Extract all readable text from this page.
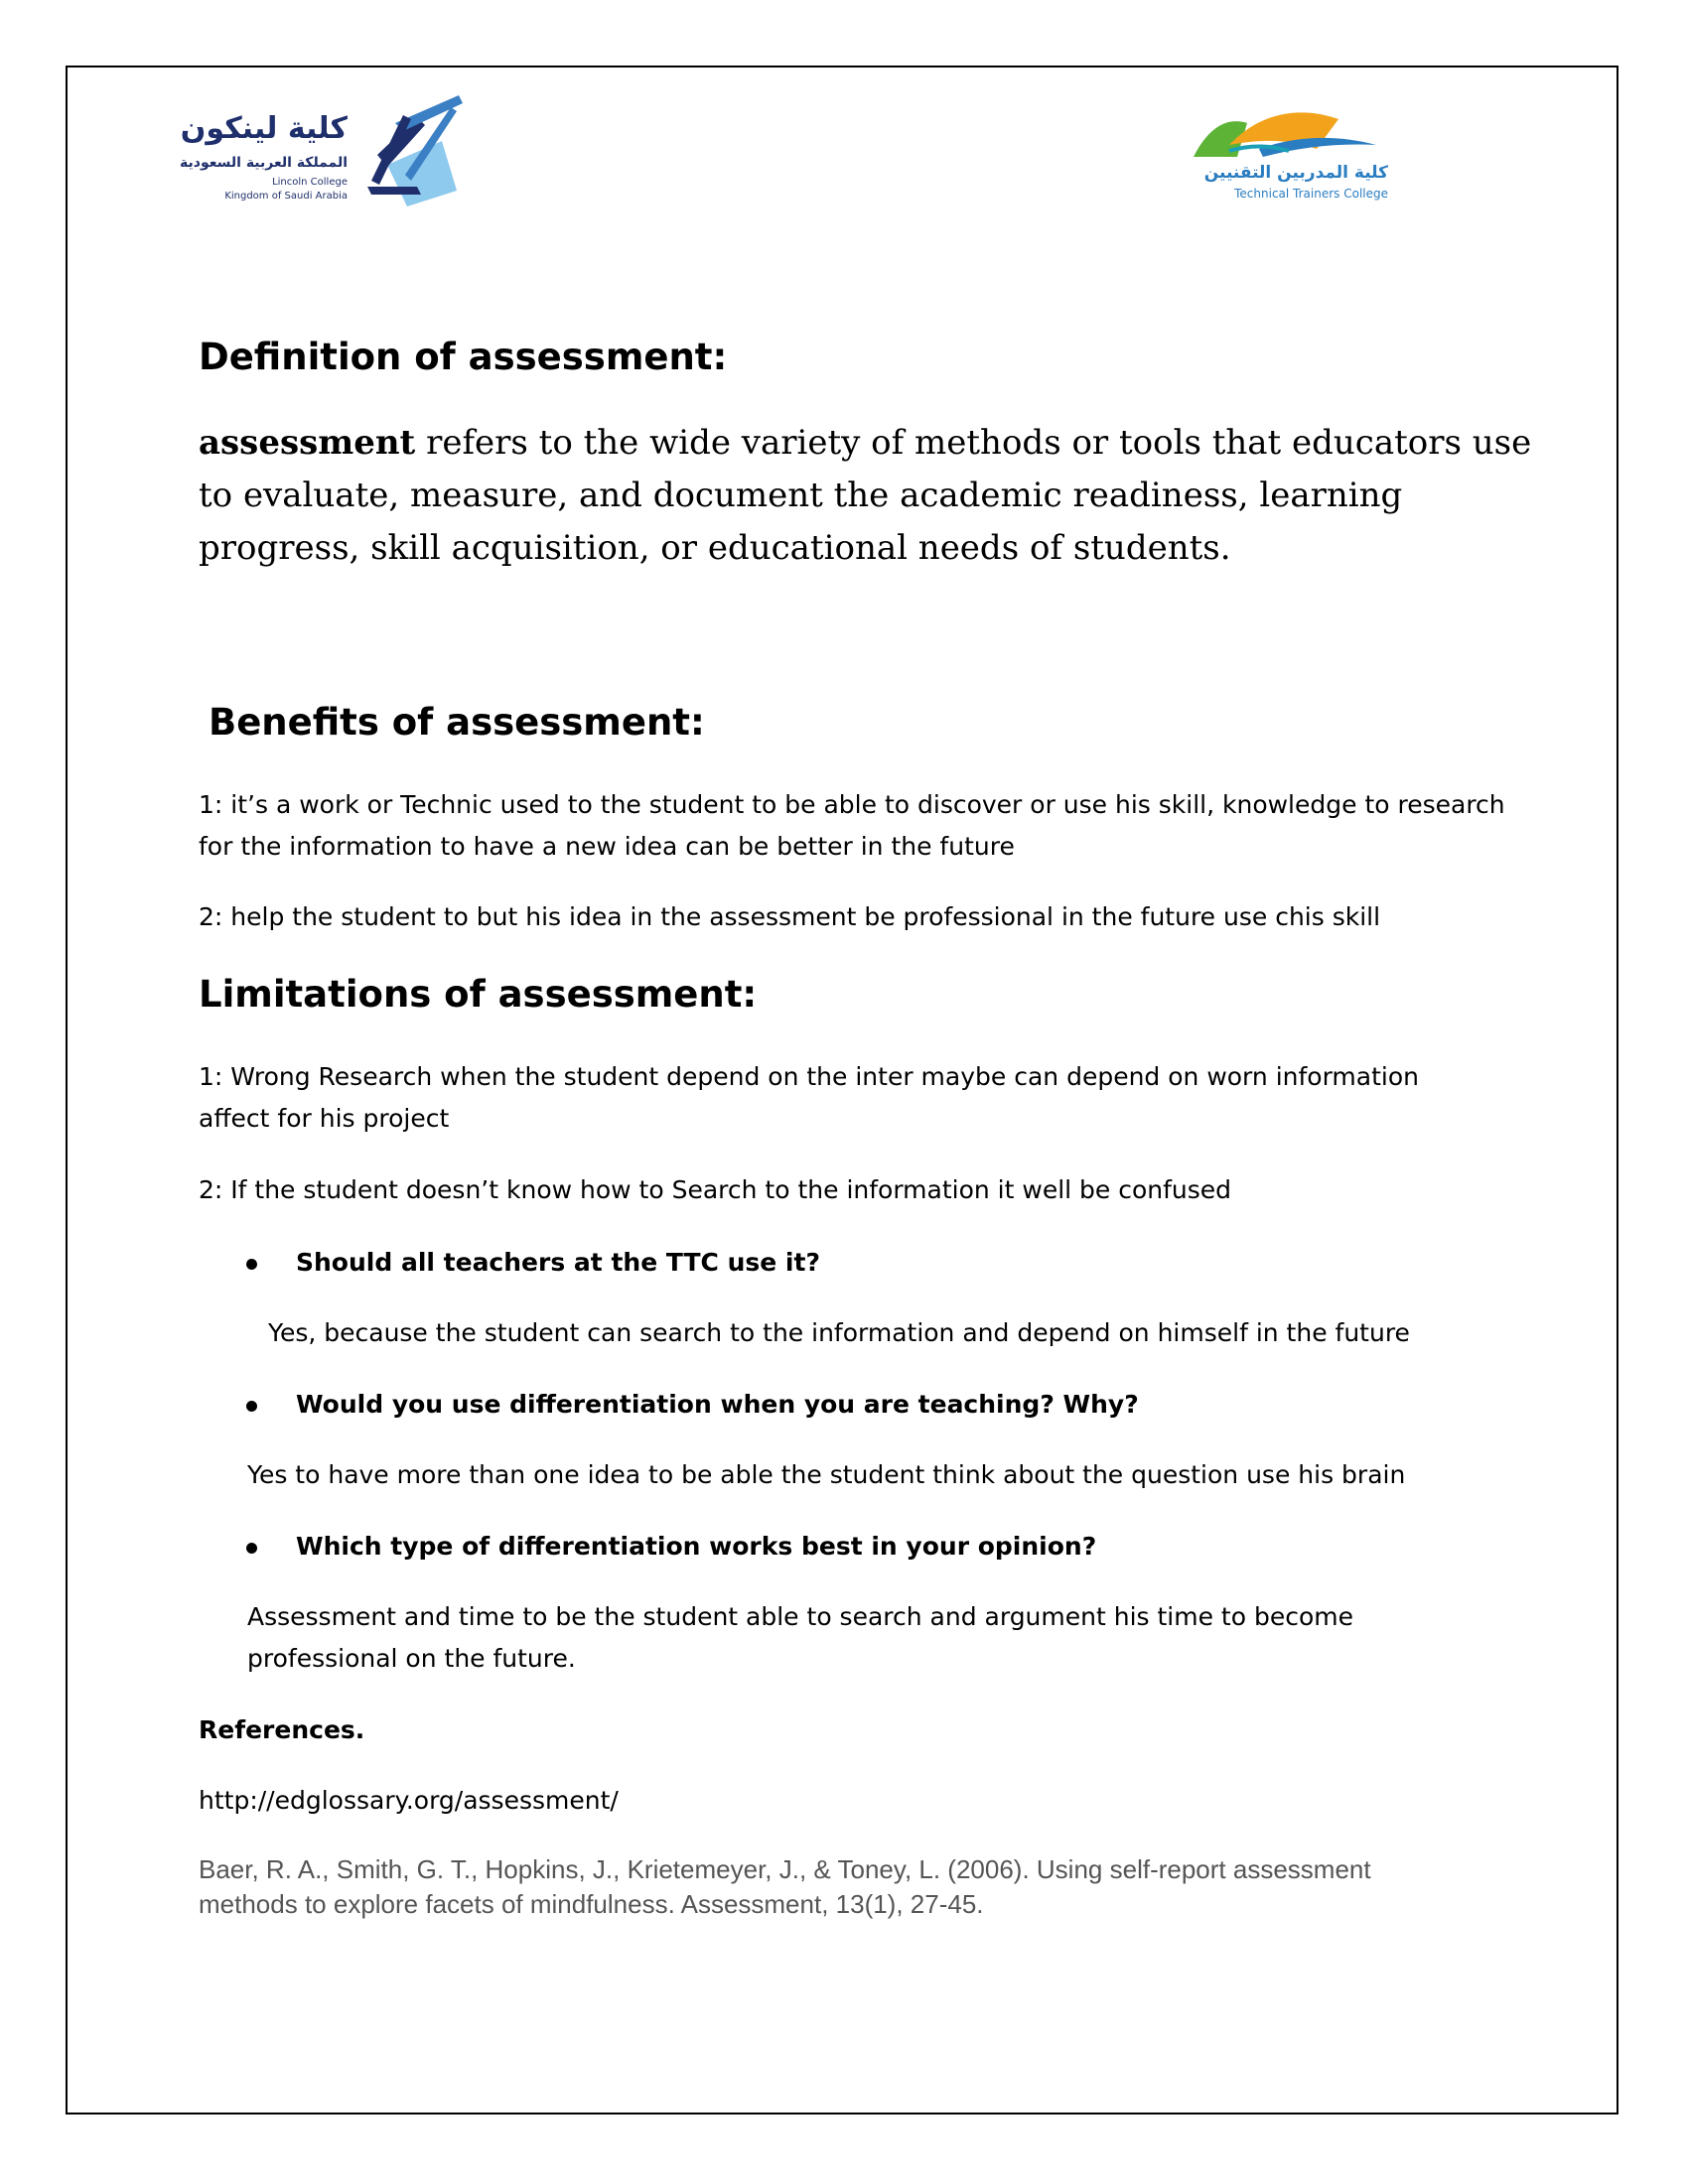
كلية لينكون
المملكة العربية السعودية
Lincoln College
Kingdom of Saudi Arabia
كلية المدربين التقنيين
Technical Trainers College
Definition of assessment:
assessment refers to the wide variety of methods or tools that educators use
to evaluate, measure, and document the academic readiness, learning
progress, skill acquisition, or educational needs of students.
Benefits of assessment:
1: it’s a work or Technic used to the student to be able to discover or use his skill, knowledge to research
for the information to have a new idea can be better in the future
2: help the student to but his idea in the assessment be professional in the future use chis skill
Limitations of assessment:
1: Wrong Research when the student depend on the inter maybe can depend on worn information
affect for his project
2: If the student doesn’t know how to Search to the information it well be confused
Should all teachers at the TTC use it?
Yes, because the student can search to the information and depend on himself in the future
Would you use differentiation when you are teaching? Why?
Yes to have more than one idea to be able the student think about the question use his brain
Which type of differentiation works best in your opinion?
Assessment and time to be the student able to search and argument his time to become
professional on the future.
References.
http://edglossary.org/assessment/
Baer, R. A., Smith, G. T., Hopkins, J., Krietemeyer, J., & Toney, L. (2006). Using self-report assessment
methods to explore facets of mindfulness. Assessment, 13(1), 27-45.
